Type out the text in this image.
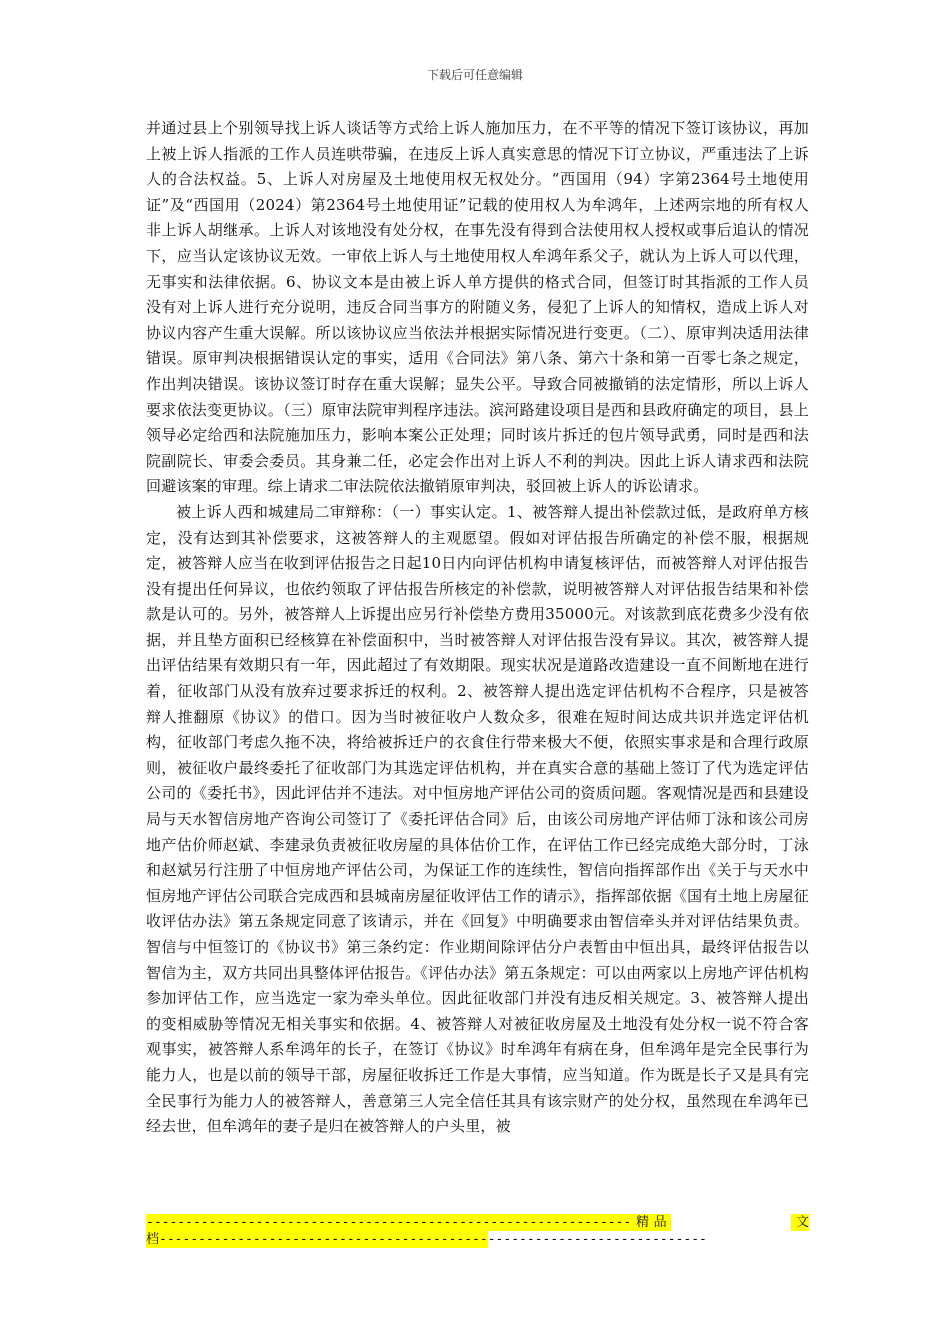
下载后可任意编辑

并通过县上个别领导找上诉人谈话等方式给上诉人施加压力，在不平等的情况下签订该协议，再加上被上诉人指派的工作人员连哄带骗，在违反上诉人真实意思的情况下订立协议，严重违法了上诉人的合法权益。5、上诉人对房屋及土地使用权无权处分。“西国用（94）字第2364号土地使用证”及“西国用（2024）第2364号土地使用证”记载的使用权人为牟鸿年，上述两宗地的所有权人非上诉人胡继承。上诉人对该地没有处分权，在事先没有得到合法使用权人授权或事后追认的情况下，应当认定该协议无效。一审依上诉人与土地使用权人牟鸿年系父子，就认为上诉人可以代理，无事实和法律依据。6、协议文本是由被上诉人单方提供的格式合同，但签订时其指派的工作人员没有对上诉人进行充分说明，违反合同当事方的附随义务，侵犯了上诉人的知情权，造成上诉人对协议内容产生重大误解。所以该协议应当依法并根据实际情况进行变更。（二）、原审判决适用法律错误。原审判决根据错误认定的事实，适用《合同法》第八条、第六十条和第一百零七条之规定，作出判决错误。该协议签订时存在重大误解；显失公平。导致合同被撤销的法定情形，所以上诉人要求依法变更协议。（三）原审法院审判程序违法。滨河路建设项目是西和县政府确定的项目，县上领导必定给西和法院施加压力，影响本案公正处理；同时该片拆迁的包片领导武勇，同时是西和法院副院长、审委会委员。其身兼二任，必定会作出对上诉人不利的判决。因此上诉人请求西和法院回避该案的审理。综上请求二审法院依法撤销原审判决，驳回被上诉人的诉讼请求。

被上诉人西和城建局二审辩称：（一）事实认定。1、被答辩人提出补偿款过低，是政府单方核定，没有达到其补偿要求，这被答辩人的主观愿望。假如对评估报告所确定的补偿不服，根据规定，被答辩人应当在收到评估报告之日起10日内向评估机构申请复核评估，而被答辩人对评估报告没有提出任何异议，也依约领取了评估报告所核定的补偿款，说明被答辩人对评估报告结果和补偿款是认可的。另外，被答辩人上诉提出应另行补偿垫方费用35000元。对该款到底花费多少没有依据，并且垫方面积已经核算在补偿面积中，当时被答辩人对评估报告没有异议。其次，被答辩人提出评估结果有效期只有一年，因此超过了有效期限。现实状况是道路改造建设一直不间断地在进行着，征收部门从没有放弃过要求拆迁的权利。2、被答辩人提出选定评估机构不合程序，只是被答辩人推翻原《协议》的借口。因为当时被征收户人数众多，很难在短时间达成共识并选定评估机构，征收部门考虑久拖不决，将给被拆迁户的衣食住行带来极大不便，依照实事求是和合理行政原则，被征收户最终委托了征收部门为其选定评估机构，并在真实合意的基础上签订了代为选定评估公司的《委托书》，因此评估并不违法。对中恒房地产评估公司的资质问题。客观情况是西和县建设局与天水智信房地产咨询公司签订了《委托评估合同》后，由该公司房地产评估师丁泳和该公司房地产估价师赵斌、李建录负责被征收房屋的具体估价工作，在评估工作已经完成绝大部分时，丁泳和赵斌另行注册了中恒房地产评估公司，为保证工作的连续性，智信向指挥部作出《关于与天水中恒房地产评估公司联合完成西和县城南房屋征收评估工作的请示》，指挥部依据《国有土地上房屋征收评估办法》第五条规定同意了该请示，并在《回复》中明确要求由智信牵头并对评估结果负责。智信与中恒签订的《协议书》第三条约定：作业期间除评估分户表暂由中恒出具，最终评估报告以智信为主，双方共同出具整体评估报告。《评估办法》第五条规定：可以由两家以上房地产评估机构参加评估工作，应当选定一家为牵头单位。因此征收部门并没有违反相关规定。3、被答辩人提出的变相威胁等情况无相关事实和依据。4、被答辩人对被征收房屋及土地没有处分权一说不符合客观事实，被答辩人系牟鸿年的长子，在签订《协议》时牟鸿年有病在身，但牟鸿年是完全民事行为能力人，也是以前的领导干部，房屋征收拆迁工作是大事情，应当知道。作为既是长子又是具有完全民事行为能力人的被答辩人，善意第三人完全信任其具有该宗财产的处分权，虽然现在牟鸿年已经去世，但牟鸿年的妻子是归在被答辩人的户头里，被

-------------------------------------------------------------- 精 品	文
档----------------------------------------------------------------------
